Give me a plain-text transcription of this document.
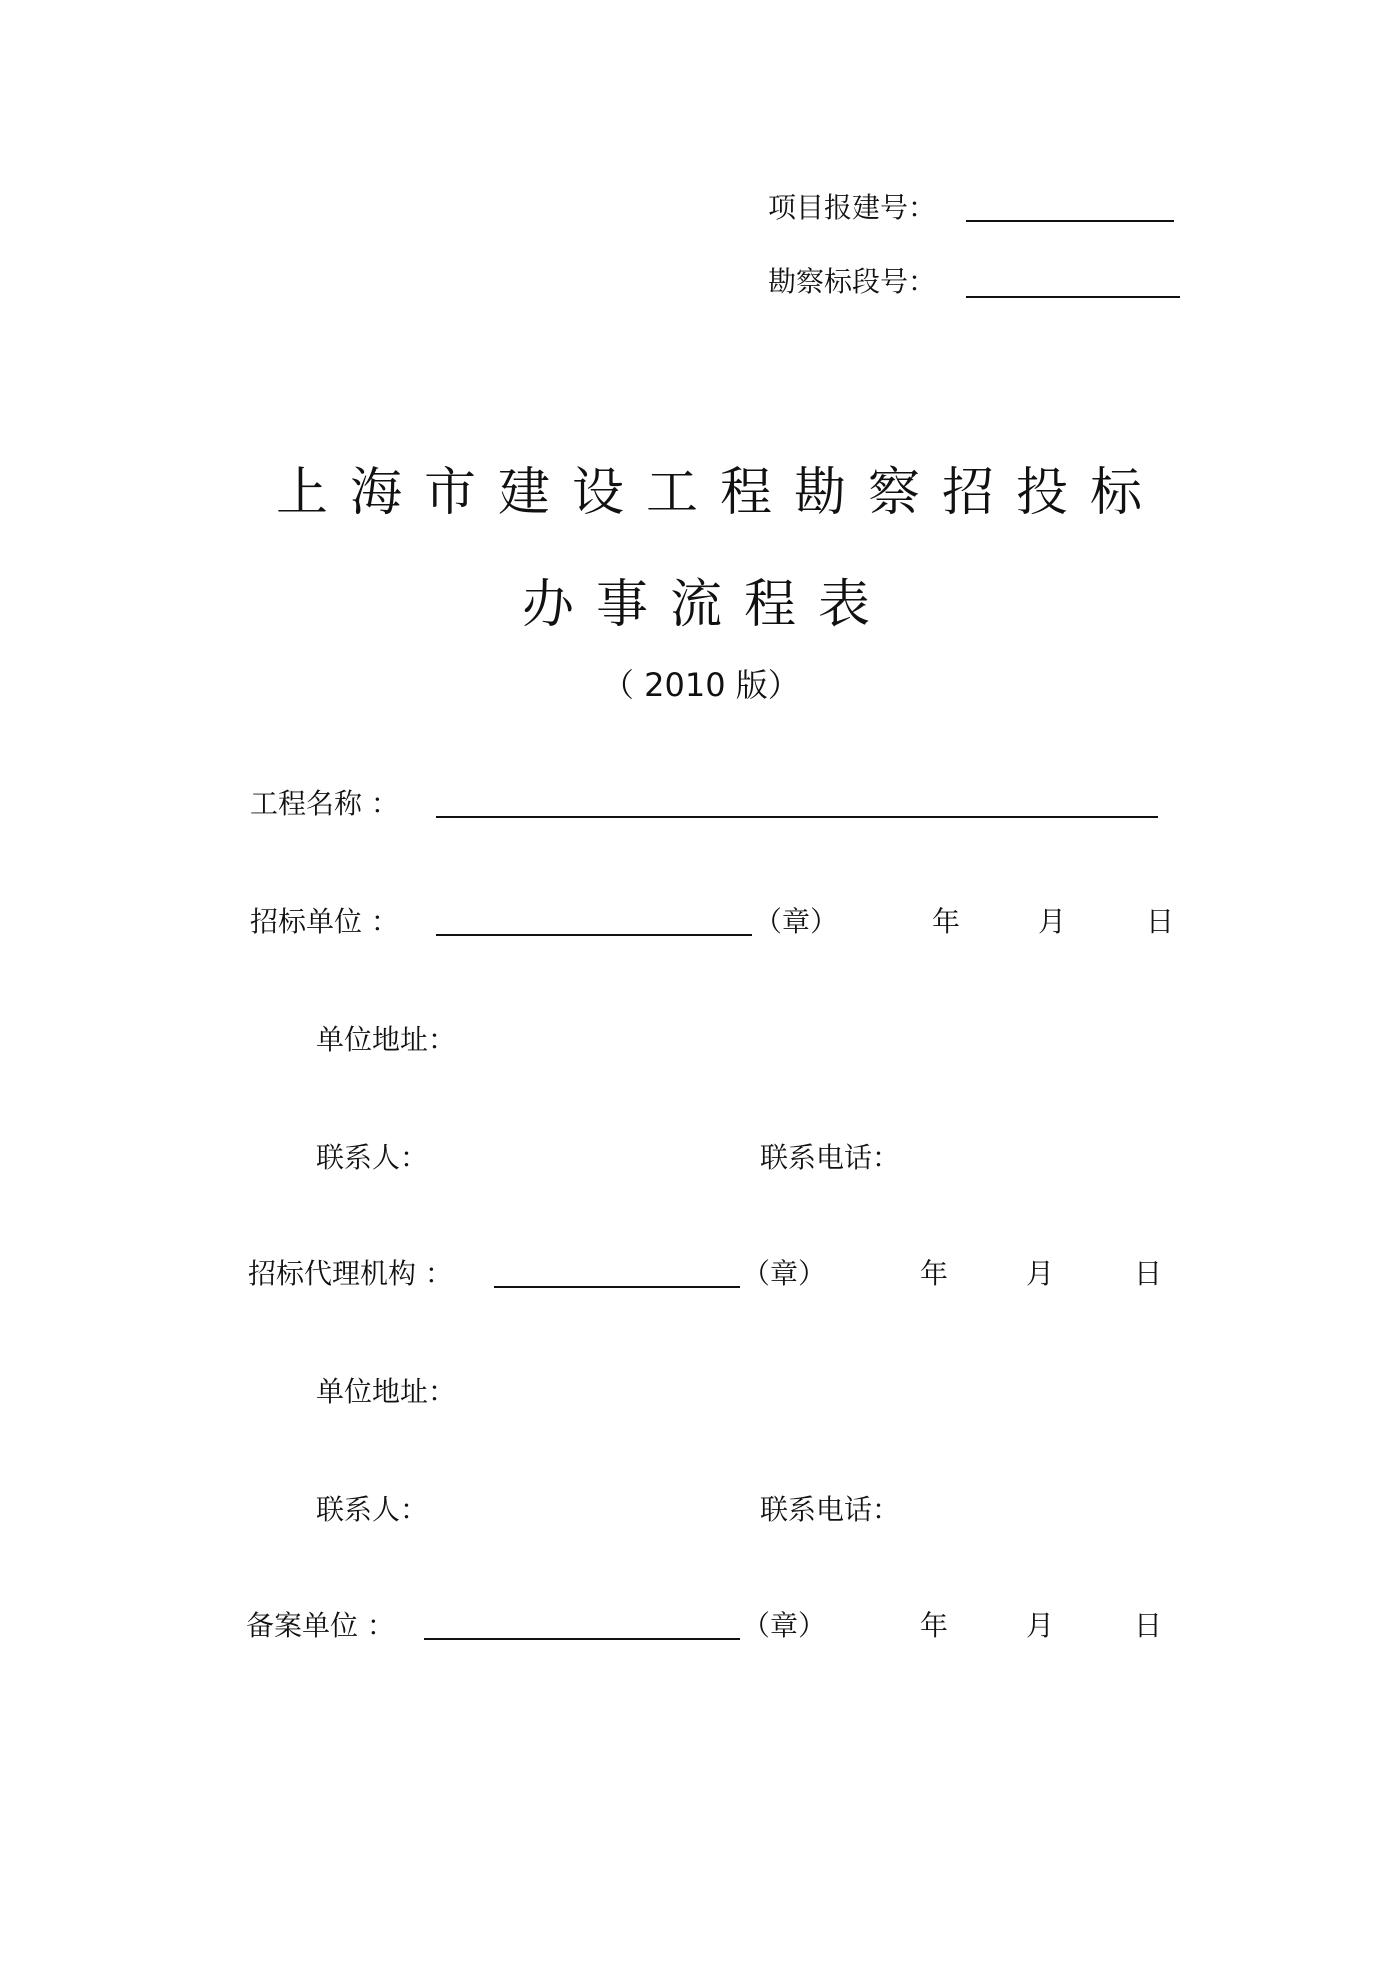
项目报建号：
勘察标段号：
上海市建设工程勘察招投标
办事流程表
（ 2010 版）
工程名称 ：
招标单位 ：	（章）	年	月	日
单位地址：
联系人：	联系电话：
招标代理机构 ：	（章）	年	月	日
单位地址：
联系人：	联系电话：
备案单位 ：	（章）	年	月	日
